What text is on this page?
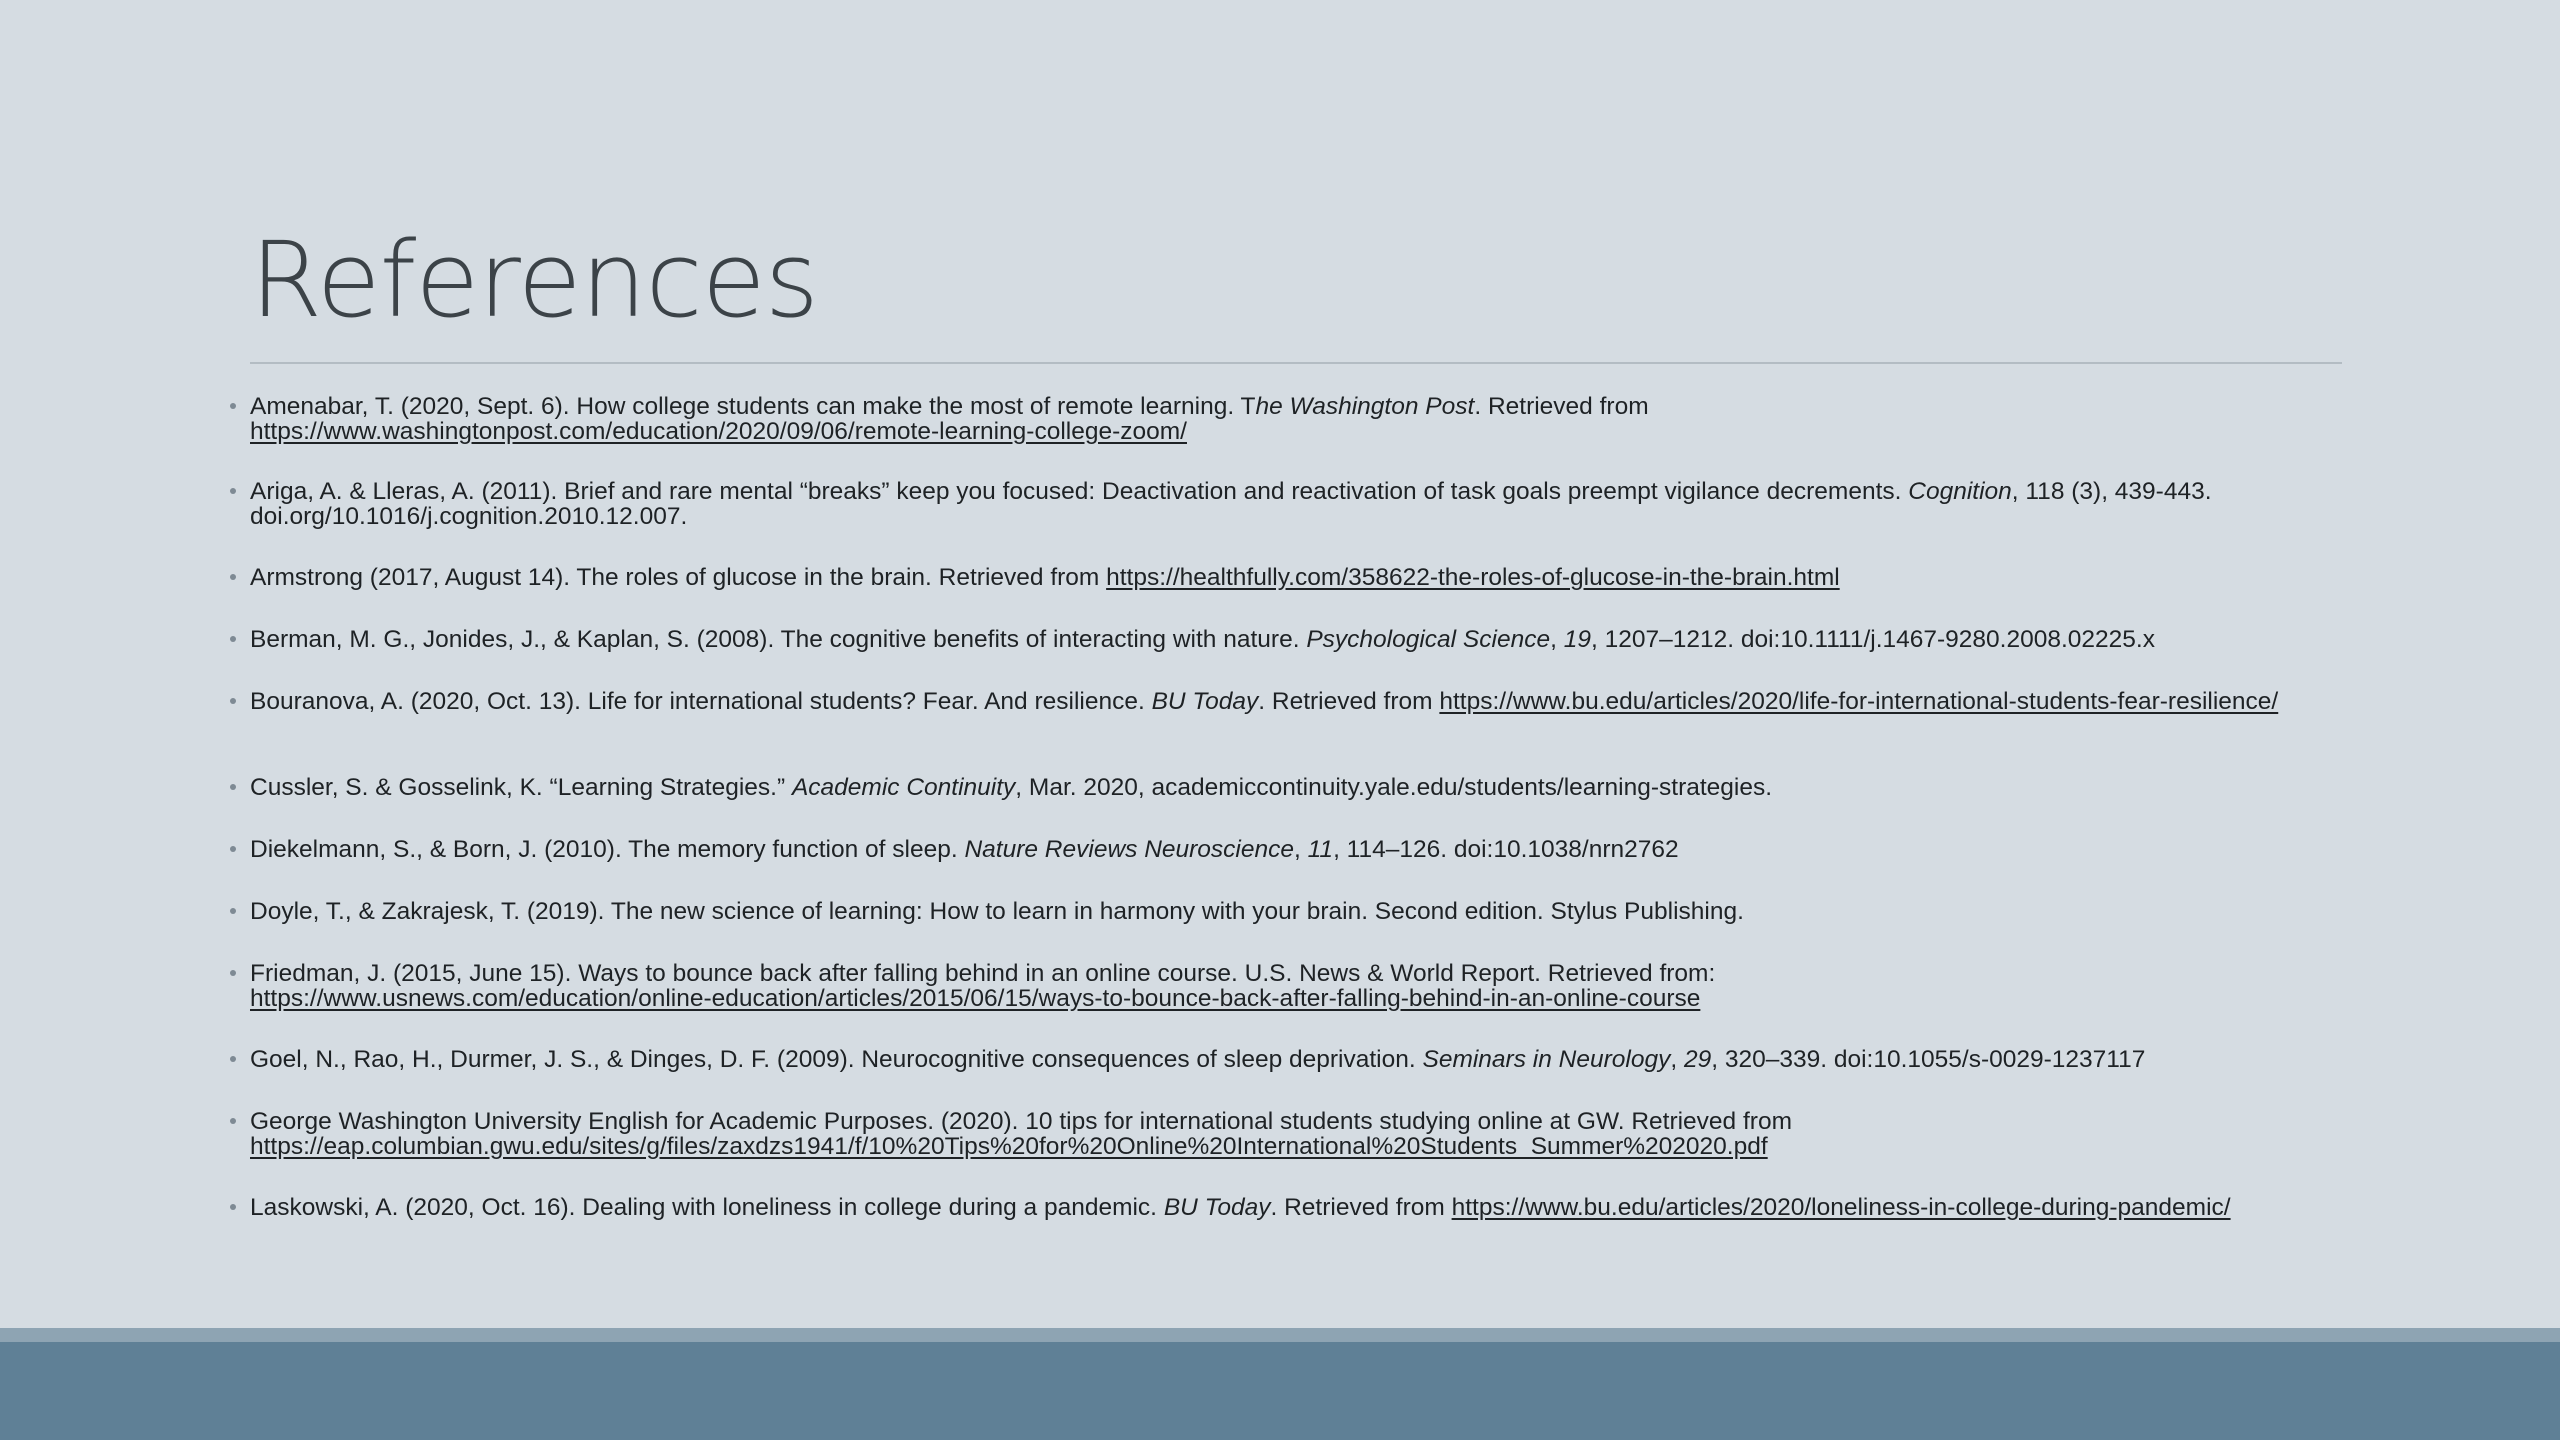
References
Amenabar, T. (2020, Sept. 6). How college students can make the most of remote learning. The Washington Post. Retrieved from
https://www.washingtonpost.com/education/2020/09/06/remote-learning-college-zoom/
Ariga, A. & Lleras, A. (2011). Brief and rare mental “breaks” keep you focused: Deactivation and reactivation of task goals preempt vigilance decrements. Cognition, 118 (3), 439-443. doi.org/10.1016/j.cognition.2010.12.007.
Armstrong (2017, August 14). The roles of glucose in the brain. Retrieved from https://healthfully.com/358622-the-roles-of-glucose-in-the-brain.html
Berman, M. G., Jonides, J., & Kaplan, S. (2008). The cognitive benefits of interacting with nature. Psychological Science, 19, 1207–1212. doi:10.1111/j.1467-9280.2008.02225.x
Bouranova, A. (2020, Oct. 13). Life for international students? Fear. And resilience. BU Today. Retrieved from https://www.bu.edu/articles/2020/life-for-international-students-fear-resilience/
Cussler, S. & Gosselink, K. “Learning Strategies.” Academic Continuity, Mar. 2020, academiccontinuity.yale.edu/students/learning-strategies.
Diekelmann, S., & Born, J. (2010). The memory function of sleep. Nature Reviews Neuroscience, 11, 114–126. doi:10.1038/nrn2762
Doyle, T., & Zakrajesk, T. (2019). The new science of learning: How to learn in harmony with your brain. Second edition. Stylus Publishing.
Friedman, J. (2015, June 15). Ways to bounce back after falling behind in an online course. U.S. News & World Report. Retrieved from:
https://www.usnews.com/education/online-education/articles/2015/06/15/ways-to-bounce-back-after-falling-behind-in-an-online-course
Goel, N., Rao, H., Durmer, J. S., & Dinges, D. F. (2009). Neurocognitive consequences of sleep deprivation. Seminars in Neurology, 29, 320–339. doi:10.1055/s-0029-1237117
George Washington University English for Academic Purposes. (2020). 10 tips for international students studying online at GW. Retrieved from
https://eap.columbian.gwu.edu/sites/g/files/zaxdzs1941/f/10%20Tips%20for%20Online%20International%20Students_Summer%202020.pdf
Laskowski, A. (2020, Oct. 16). Dealing with loneliness in college during a pandemic. BU Today. Retrieved from https://www.bu.edu/articles/2020/loneliness-in-college-during-pandemic/
